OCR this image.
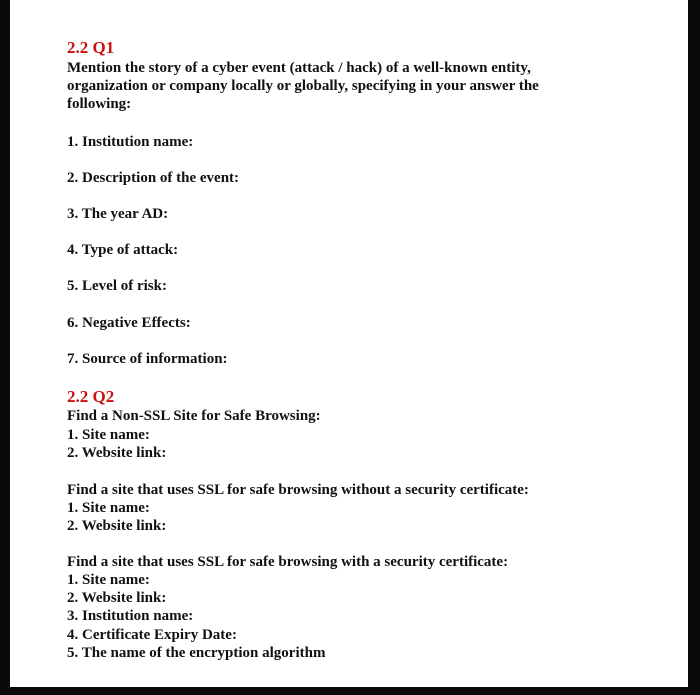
2.2 Q1
Mention the story of a cyber event (attack / hack) of a well-known entity,
organization or company locally or globally, specifying in your answer the
following:
1. Institution name:
2. Description of the event:
3. The year AD:
4. Type of attack:
5. Level of risk:
6. Negative Effects:
7. Source of information:
2.2 Q2
Find a Non-SSL Site for Safe Browsing:
1. Site name:
2. Website link:
Find a site that uses SSL for safe browsing without a security certificate:
1. Site name:
2. Website link:
Find a site that uses SSL for safe browsing with a security certificate:
1. Site name:
2. Website link:
3. Institution name:
4. Certificate Expiry Date:
5. The name of the encryption algorithm
